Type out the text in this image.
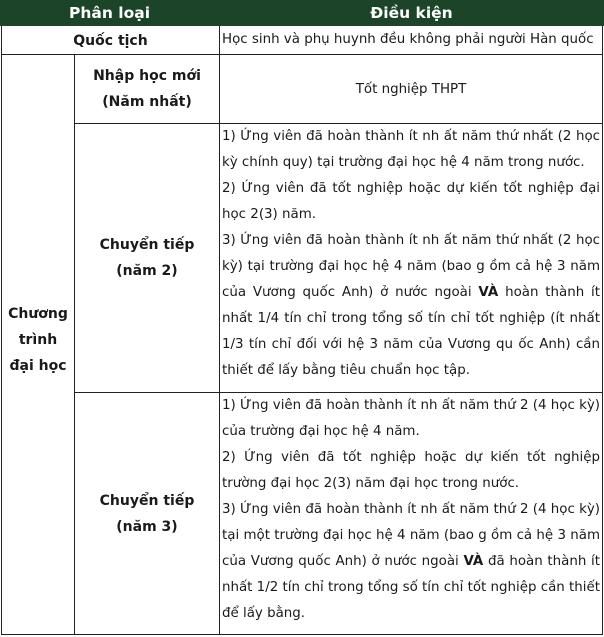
Phân loại	Điều kiện
Quốc tịch	Học sinh và phụ huynh đều không phải người Hàn quốc
Chương
trình
đại học
Nhập học mới
(Năm nhất)
Tốt nghiệp THPT
Chuyển tiếp
(năm 2)

1) Ứng viên đã hoàn thành ít nh ất năm thứ nhất (2 học kỳ chính quy) tại trường đại học hệ 4 năm trong nước.

2) Ứng viên đã tốt nghiệp hoặc dự kiến tốt nghiệp đại học 2(3) năm.

3) Ứng viên đã hoàn thành ít nh ất năm thứ nhất (2 học kỳ) tại trường đại học hệ 4 năm (bao g ồm cả hệ 3 năm của Vương quốc Anh) ở nước ngoài VÀ hoàn thành ít nhất 1/4 tín chỉ trong tổng số tín chỉ tốt nghiệp (ít nhất 1/3 tín chỉ đối với hệ 3 năm của Vương qu ốc Anh) cần thiết để lấy bằng tiêu chuẩn học tập.

Chuyển tiếp
(năm 3)

1) Ứng viên đã hoàn thành ít nh ất năm thứ 2 (4 học kỳ) của trường đại học hệ 4 năm.

2) Ứng viên đã tốt nghiệp hoặc dự kiến tốt nghiệp trường đại học 2(3) năm đại học trong nước.

3) Ứng viên đã hoàn thành ít nh ất năm thứ 2 (4 học kỳ) tại một trường đại học hệ 4 năm (bao g ồm cả hệ 3 năm của Vương quốc Anh) ở nước ngoài VÀ đã hoàn thành ít nhất 1/2 tín chỉ trong tổng số tín chỉ tốt nghiệp cần thiết để lấy bằng.
